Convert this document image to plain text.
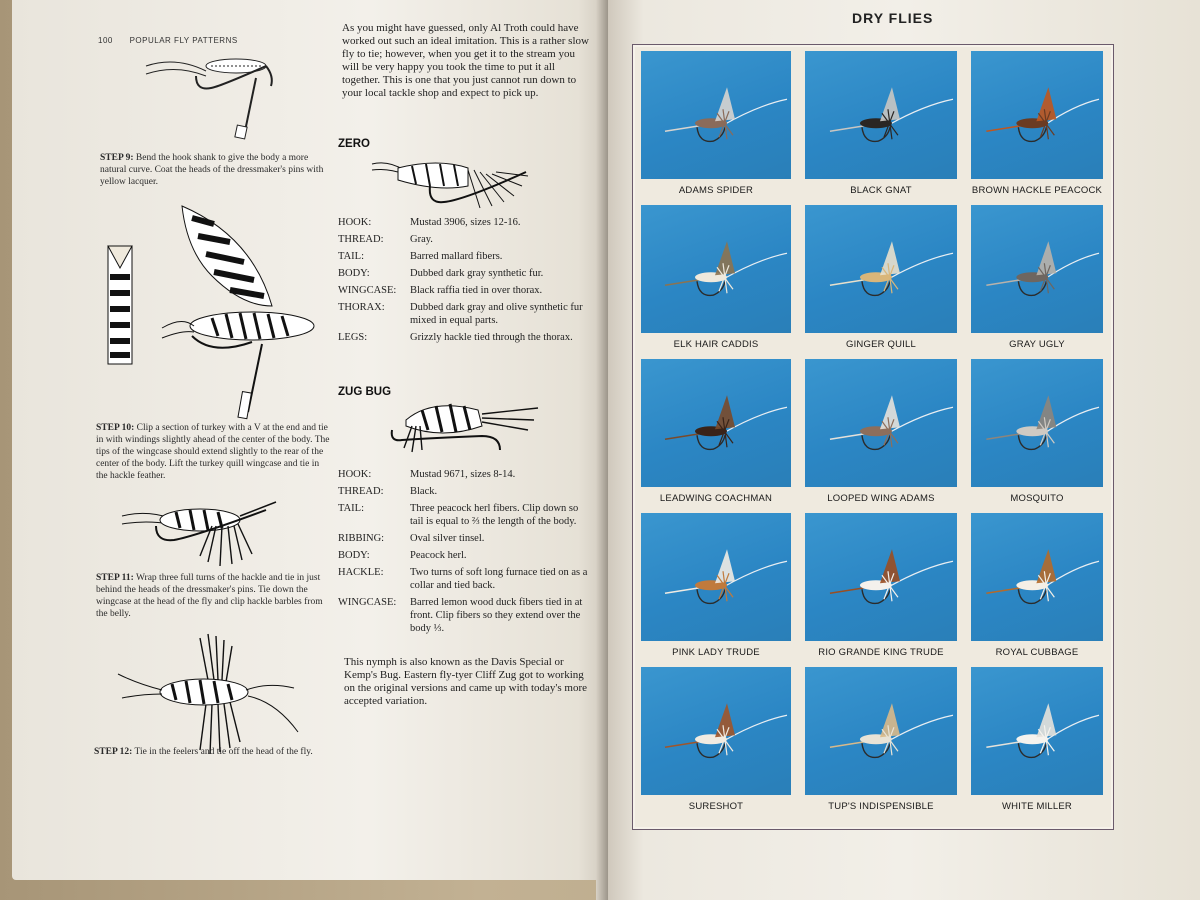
100 POPULAR FLY PATTERNS
STEP 9: Bend the hook shank to give the body a more natural curve. Coat the heads of the dressmaker's pins with yellow lacquer.
STEP 10: Clip a section of turkey with a V at the end and tie in with windings slightly ahead of the center of the body. The tips of the wingcase should extend slightly to the rear of the center of the body. Lift the turkey quill wingcase and tie in the hackle feather.
STEP 11: Wrap three full turns of the hackle and tie in just behind the heads of the dressmaker's pins. Tie down the wingcase at the head of the fly and clip hackle barbles from the belly.
STEP 12: Tie in the feelers and tie off the head of the fly.
As you might have guessed, only Al Troth could have worked out such an ideal imitation. This is a rather slow fly to tie; however, when you get it to the stream you will be very happy you took the time to put it all together. This is one that you just cannot run down to your local tackle shop and expect to pick up.
ZERO
HOOK:	Mustad 3906, sizes 12-16.
THREAD:	Gray.
TAIL:	Barred mallard fibers.
BODY:	Dubbed dark gray synthetic fur.
WINGCASE:	Black raffia tied in over thorax.
THORAX:	Dubbed dark gray and olive synthetic fur mixed in equal parts.
LEGS:	Grizzly hackle tied through the thorax.
ZUG BUG
HOOK:	Mustad 9671, sizes 8-14.
THREAD:	Black.
TAIL:	Three peacock herl fibers. Clip down so tail is equal to ⅔ the length of the body.
RIBBING:	Oval silver tinsel.
BODY:	Peacock herl.
HACKLE:	Two turns of soft long furnace tied on as a collar and tied back.
WINGCASE:	Barred lemon wood duck fibers tied in at front. Clip fibers so they extend over the body ⅓.
This nymph is also known as the Davis Special or Kemp's Bug. Eastern fly-tyer Cliff Zug got to working on the original versions and came up with today's more accepted variation.
DRY FLIES
ADAMS SPIDER	BLACK GNAT	BROWN HACKLE PEACOCK
ELK HAIR CADDIS	GINGER QUILL	GRAY UGLY
LEADWING COACHMAN	LOOPED WING ADAMS	MOSQUITO
PINK LADY TRUDE	RIO GRANDE KING TRUDE	ROYAL CUBBAGE
SURESHOT	TUP'S INDISPENSIBLE	WHITE MILLER
